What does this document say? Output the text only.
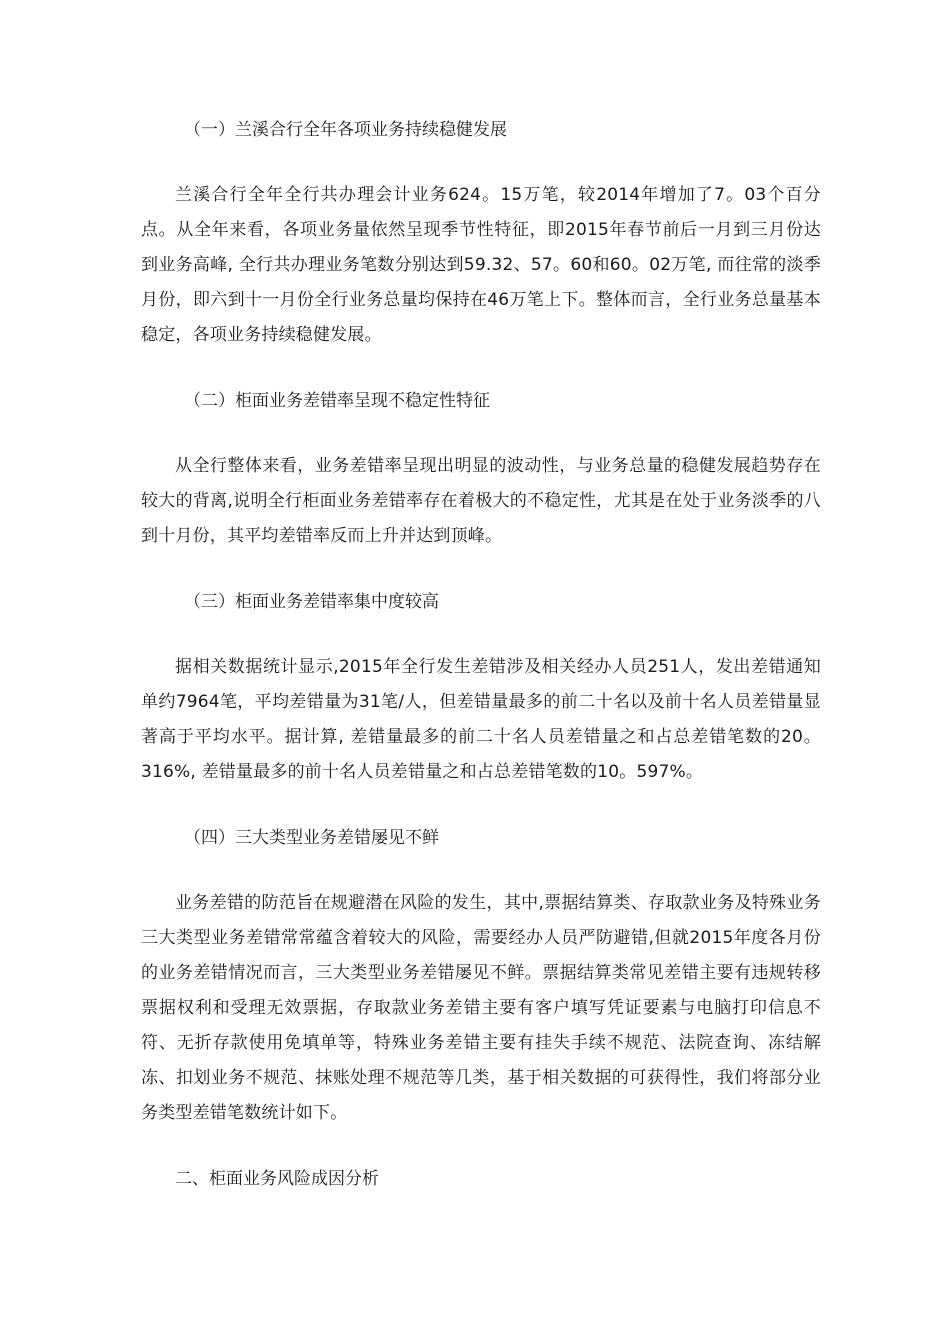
（一）兰溪合行全年各项业务持续稳健发展

兰溪合行全年全行共办理会计业务624。15万笔，较2014年增加了7。03个百分点。从全年来看，各项业务量依然呈现季节性特征，即2015年春节前后一月到三月份达到业务高峰, 全行共办理业务笔数分别达到59.32、57。60和60。02万笔, 而往常的淡季月份，即六到十一月份全行业务总量均保持在46万笔上下。整体而言，全行业务总量基本稳定，各项业务持续稳健发展。

（二）柜面业务差错率呈现不稳定性特征

从全行整体来看，业务差错率呈现出明显的波动性，与业务总量的稳健发展趋势存在较大的背离,说明全行柜面业务差错率存在着极大的不稳定性，尤其是在处于业务淡季的八到十月份，其平均差错率反而上升并达到顶峰。

（三）柜面业务差错率集中度较高

据相关数据统计显示,2015年全行发生差错涉及相关经办人员251人，发出差错通知单约7964笔，平均差错量为31笔/人，但差错量最多的前二十名以及前十名人员差错量显著高于平均水平。据计算, 差错量最多的前二十名人员差错量之和占总差错笔数的20。316%, 差错量最多的前十名人员差错量之和占总差错笔数的10。597%。

（四）三大类型业务差错屡见不鲜

业务差错的防范旨在规避潜在风险的发生，其中,票据结算类、存取款业务及特殊业务三大类型业务差错常常蕴含着较大的风险，需要经办人员严防避错,但就2015年度各月份的业务差错情况而言，三大类型业务差错屡见不鲜。票据结算类常见差错主要有违规转移票据权利和受理无效票据，存取款业务差错主要有客户填写凭证要素与电脑打印信息不符、无折存款使用免填单等，特殊业务差错主要有挂失手续不规范、法院查询、冻结解冻、扣划业务不规范、抹账处理不规范等几类，基于相关数据的可获得性，我们将部分业务类型差错笔数统计如下。

二、柜面业务风险成因分析
